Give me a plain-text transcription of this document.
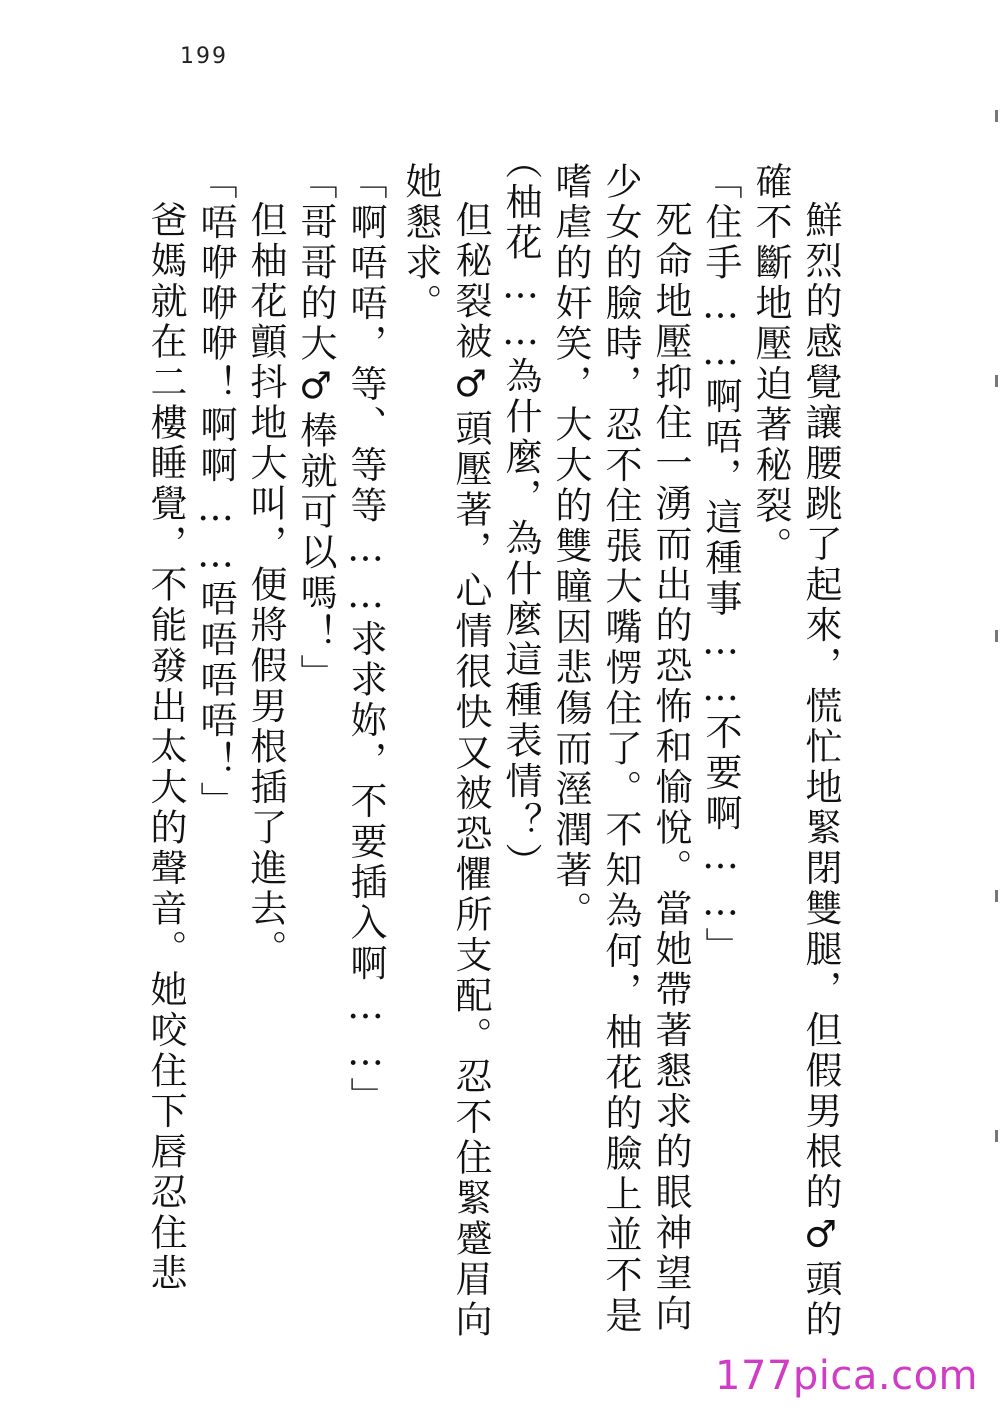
199
　鮮烈的感覺讓腰跳了起來，慌忙地緊閉雙腿，但假男根的♂頭的
確不斷地壓迫著秘裂。
「住手……啊唔，這種事……不要啊……」
　死命地壓抑住一湧而出的恐怖和愉悅。當她帶著懇求的眼神望向
少女的臉時，忍不住張大嘴愣住了。不知為何，柚花的臉上並不是
嗜虐的奸笑，大大的雙瞳因悲傷而溼潤著。
（柚花……為什麼，為什麼這種表情？）
　但秘裂被♂頭壓著，心情很快又被恐懼所支配。忍不住緊蹙眉向
她懇求。
「啊唔唔，等、等等……求求妳，不要插入啊……」
「哥哥的大♂棒就可以嗎！」
　但柚花顫抖地大叫，便將假男根插了進去。
「唔咿咿咿！啊啊……唔唔唔唔！」
　爸媽就在二樓睡覺，不能發出太大的聲音。她咬住下唇忍住悲
177pica.com
